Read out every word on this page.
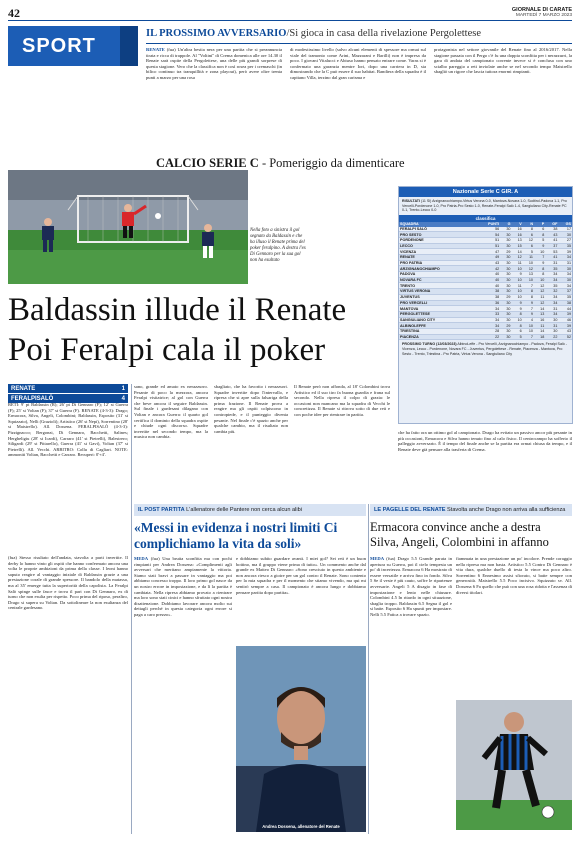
42	GIORNALE DI CARATE
MARTEDÌ 7 MARZO 2023
SPORT
IL PROSSIMO AVVERSARIO/Si gioca in casa della rivelazione Pergolettese
RENATE (fua) Un'altra bestia nera per una partita che si preannuncia tirata e ricca di trappole. Al "Voltini" di Crema domenica alle ore 14.30 il Renate sarà ospite della Pergolettese, una delle più grandi sorprese di questa stagione. Vero che la classifica non è così rosea per i cremaschi (in bilico continuo tra tranquillità e zona playout), però avere oltre trenta punti a marzo per una rosa
di modestissimo livello (salvo alcuni elementi di spessore ma ormai sul viale del tramonto come Arini, Mazzarani e Barilli) non è impresa da poco. I giovani Vitalucci e Abiuso hanno pensato entrare come. Varas si è confermato una garanzia mentre Iori, dopo una carriera in D, sta dimostrando che la C può essere il suo habitat. Bandiera della squadra è il capitano Villa, terzino dal gran carisma e
protagonista nel settore giovanile del Renate fino al 2016/2017. Nella stagione passata con il Pergo c'è fu una doppia sconfitta per i nerazzurri, la gara di andata del campionato corrente invece si è conclusa con uno scialbo pareggio a reti inviolate anche se nel secondo tempo Maistrello sbagliò un rigore che lascia tuttora enormi rimpianti.
CALCIO SERIE C - Pomeriggio da dimenticare
Nella foto a sinistra il gol segnato da Baldassin e che ha illuso il Renate prima del poker feralpino. A destra l'ex Di Gennaro per la sua gol non ha esultato
Nazionale Serie C GIR. A
RISULTATI (11 Sl) Arzignanochiampo-Virtus Verona 0-0, Mantova-Novara 1-0, Sudtirol-Padova 1-1, Pro Vercelli-Pordenone 1-0, Pro Patria-Pro Sesto 1-0, Renate-Feralpi Salò 1-4, Sangiuliano City-Renate PC 0-1, Trento-Lecco 0-0
classifica
SQUADRA	PUNTI	G	V	N	P	GF	GS
FERALPI SALÒ	56	30	16	8	6	38	17
PRO SESTO	54	30	16	6	8	43	30
PORDENONE	51	30	13	12	5	41	27
LECCO	51	30	15	6	9	37	35
VICENZA	47	29	14	5	10	53	39
RENATE	49	30	12	11	7	41	34
PRO PATRIA	43	30	11	10	9	31	31
ARZIGNANOCHIAMPO	42	30	10	12	8	35	30
PADOVA	40	30	9	13	8	34	34
NOVARA FC	40	30	10	10	10	34	30
TRENTO	40	30	11	7	12	35	34
VIRTUS VERONA	38	30	10	8	12	32	37
JUVENTUS	38	29	10	8	11	34	35
PRO VERCELLI	36	30	9	9	12	34	38
MANTOVA	34	30	9	7	14	31	44
PERGOLETTESE	33	30	8	9	13	34	39
SANGIULIANO CITY	34	30	10	4	16	30	46
ALBINOLEFFE	34	29	8	10	11	31	39
TRIESTINA	28	30	6	10	14	30	43
PIACENZA	22	30	5	7	18	22	52
PROSSIMO TURNO (12/03/2023) AlbinoLeffe - Pro Vercelli, Arzignanochiampo - Padova, Feralpi Salò - Vicenza, Lecco - Pordenone, Novara FC - Juventus, Pergolettese - Renate, Piacenza - Mantova, Pro Sesto - Trento, Triestina - Pro Patria, Virtus Verona - Sangiuliano City
Baldassin illude il Renate
Poi Feralpi cala il poker
RENATE	1
FERALPISALÒ	4
RETI: 9' pt Baldassin (R); 26' pt Di Gennaro (F); 12' st Guerra (F); 25' st Voltan (F); 37' st Guerra (F). RENATE (4-3-3): Drago; Ermacora, Silva, Angeli, Colombini; Baldassin, Esposito (31' st Squizzato), Nelli (Grazioli); Artistico (26' st Nepi), Sorrentino (28' st Maistrello). All. Dossena. FERALPISALÒ (4-3-3): Pizzignacco; Bergonzi, Di Gennaro, Bacchetti, Salines; Hergheligiu (28' st Icardi), Carraro (41' st Pietrelli), Balestrero; Siligardi (29' st Pittarello), Guerra (41' st Gavi), Voltan (37' st Pietrelli). All. Vecchi. ARBITRO: Collu di Cagliari. NOTE: ammoniti Voltan, Bacchetti e Carraro. Recuperi: 0'+4'.
(fua) Stesso risultato dell'andata, stavolta a parti invertite. Il derby lo hanno vinto gli ospiti che hanno confermato ancora una volta le proprie ambizioni da prima della classe. I leoni hanno saputo reagire al vantaggio iniziale di Baldassin grazie a una prestazione corale di grande spessore. Il bandolo della matassa, ma al 35' emerge tutta la superiorità della capolista. La Feralpi Salò spinge sulle fasce e trova il pari con Di Gennaro, ex di turno che non esulta per rispetto. Poco prima del riposo, peraltro, Drago si supera su Voltan. Da sottolineare la non esultanza del centrale gardesano.
sano, grande ed amato ex nerazzurro. Pesante di poco la mezzora, ancora Feralpi visitatrice; al gol con Guerra che beve ancora il seguire Baldassin. Sul finale i gardesani dilagano con Voltan e ancora Guerra: il quarto gol certifica il dominio della squadra ospite e chiude ogni discorso. Squadre invertite nel secondo tempo, ma la musica non cambia.
sbagliato, che ha favorito i nerazzurri. Squadre invertite dopo l'intervallo, e ripresa che si apre sulla falsariga della prima frazione. Il Renate prova a reagire ma gli ospiti colpiscono in contropiede, e il punteggio diventa pesante. Nel finale c'è spazio anche per qualche cambio, ma il risultato non cambia più.
Il Renate però non affonda, al 18' Colombini trova Artistico ed il suo tiro fa buona guardia e frana sul secondo. Nella ripresa il colpo di grazia: le occasioni non mancano ma la squadra di Vecchi le concretizza. Il Renate si ritrova sotto di due reti e con poche idee per rientrare in partita.
che ha fatto ora un ottimo gol al campionato. Drago ha evitato un passivo ancor più pesante in più occasioni, Ermacora e Silva hanno tenuto fino al calo fisico. Il centrocampo ha sofferto il palleggio avversario. È il tempo del finale anche se la partita era ormai chiusa da tempo, e il Renate deve già pensare alla trasferta di Crema.
IL POST PARTITA L'allenatore delle Pantere non cerca alcun alibi
«Messi in evidenza i nostri limiti Ci complichiamo la vita da soli»
MEDA (fua) Una brutta sconfitta ma con pochi rimpianti per Andrea Dossena: «Complimenti agli avversari che meritano ampiamente la vittoria. Siamo stati bravi a passare in vantaggio ma poi abbiamo concesso troppo. Il loro primo gol nasce da un nostro errore in impostazione, e da lì la partita è cambiata. Nella ripresa abbiamo provato a rientrare ma loro sono stati cinici e hanno sfruttato ogni nostra disattenzione. Dobbiamo lavorare ancora molto sui dettagli perché in questa categoria ogni errore si paga a caro prezzo».
e dobbiamo subito guardare avanti. I miei gol? Sei reti è un buon bottino, ma il gruppo viene prima di tutto». Un commento anche dal grande ex Matteo Di Gennaro: «Sono cresciuto in questo ambiente e non ancora riesco a gioire per un gol contro il Renate. Sono contento per la mia squadra e per il momento che stiamo vivendo, ma qui mi sentirò sempre a casa. Il campionato è ancora lungo e dobbiamo pensare partita dopo partita».
Andrea Dossena, allenatore del Renate
LE PAGELLE DEL RENATE Stavolta anche Drago non arriva alla sufficienza
Ermacora convince anche a destra Silva, Angeli, Colombini in affanno
MEDA (fua) Drago 5.5 Grande parata in apertura su Guerra, poi il cielo tempesta un po' di incertezza. Ermacora 6 Ha mostrato di essere versatile e arriva fino in fondo. Silva 5 Se il veste è più cauto, soffre le ripartenze avversarie. Angeli 5 A disagio in fase di impostazione e lento nelle chiusure. Colombini 4.5 In ritardo in ogni situazione, sbaglia troppo. Baldassin 6.5 Segna il gol e si batte. Esposito 6 Ha spunti per impostare. Nelli 5.5 Fatica a trovare spazio.
fiammata in una prestazione un po' incolore. Prende coraggio nella ripresa ma non basta. Artistico 5.5 Contro Di Gennaro è vita dura, qualche duello di testa lo vince ma poco altro. Sorrentino 6 Ennesimo assist sfiorato, si batte sempre con generosità. Maistrello 5.5 Poco incisivo. Squizzato sv. All. Dossena 6 Fa quello che può con una rosa ridotta e l'assenza di diversi titolari.
